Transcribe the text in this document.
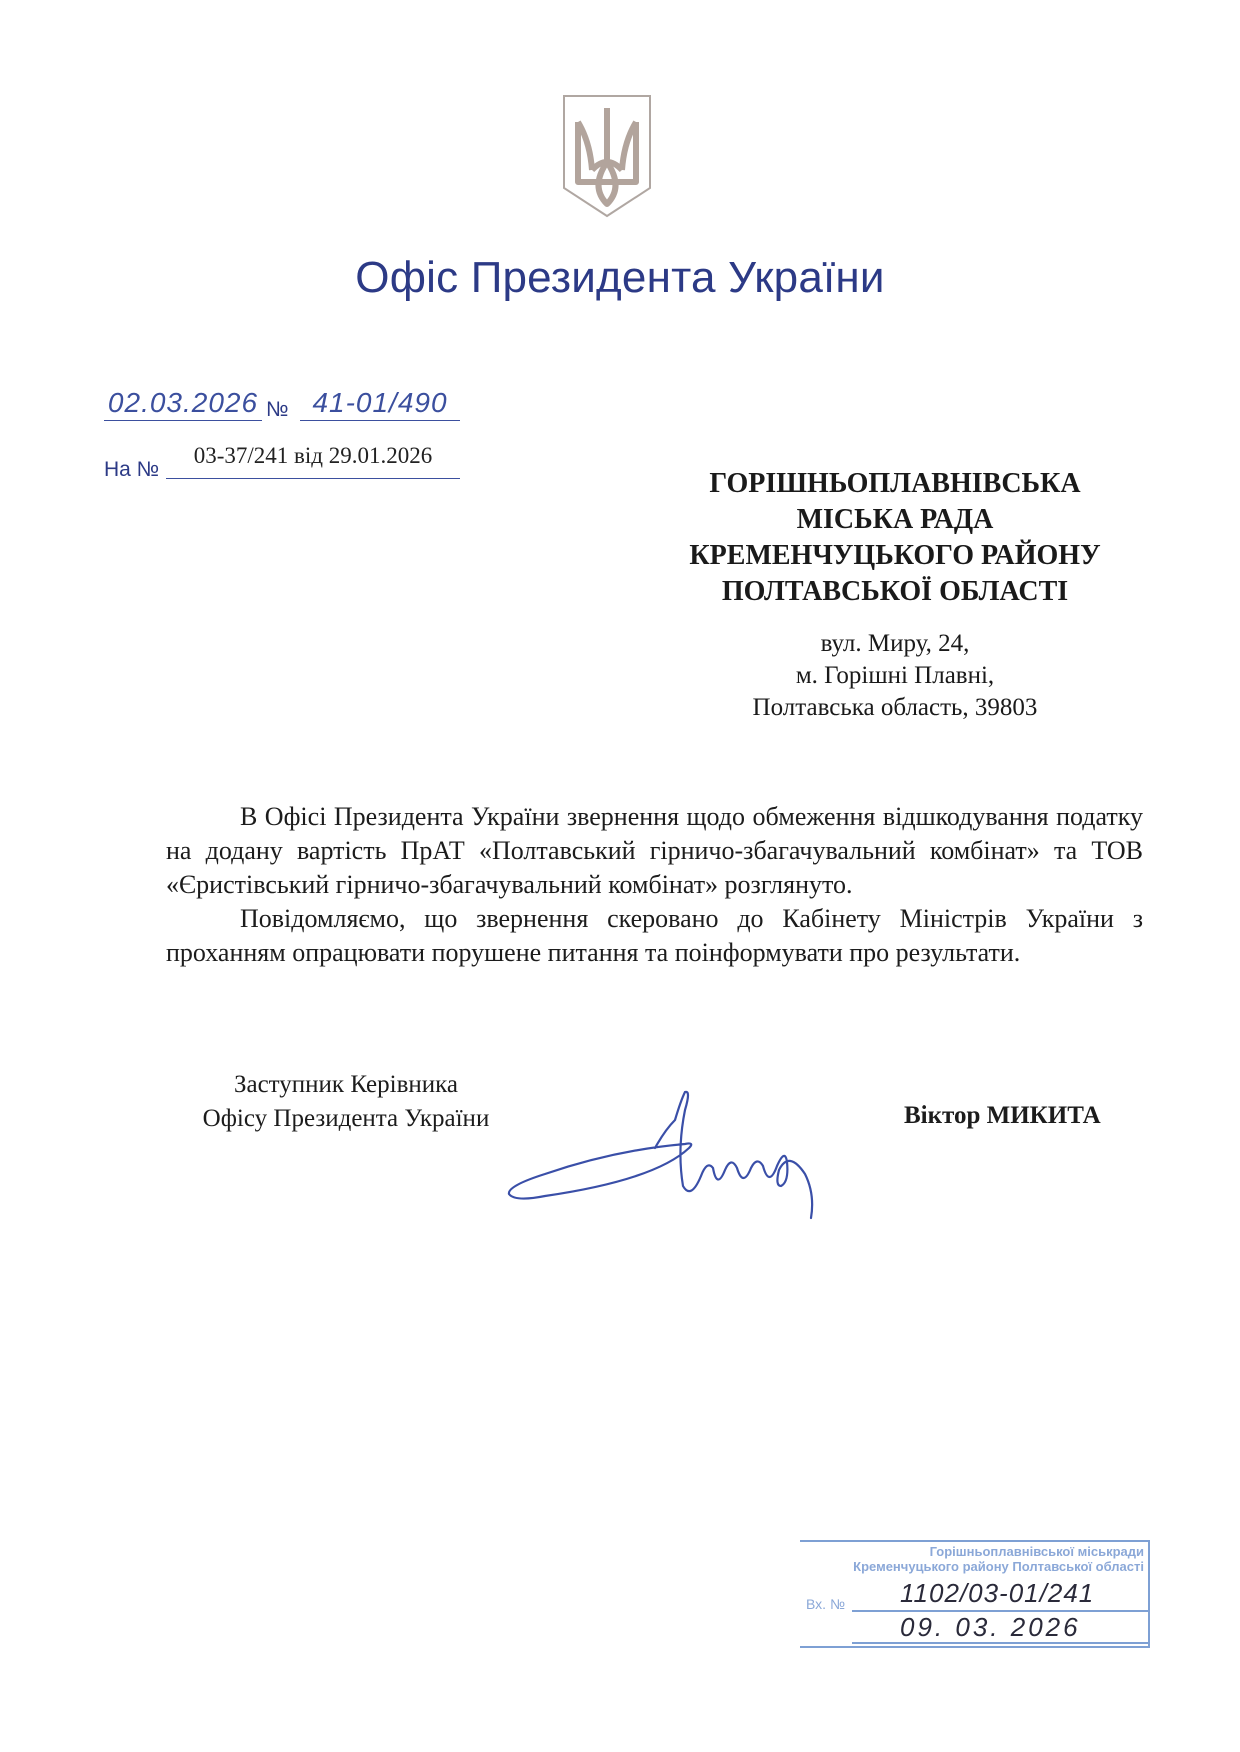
Офіс Президента України
02.03.2026 № 41-01/490
На №
03-37/241 від 29.01.2026
ГОРІШНЬОПЛАВНІВСЬКА
МІСЬКА РАДА
КРЕМЕНЧУЦЬКОГО РАЙОНУ
ПОЛТАВСЬКОЇ ОБЛАСТІ
вул. Миру, 24,
м. Горішні Плавні,
Полтавська область, 39803

В Офісі Президента України звернення щодо обмеження відшкодування податку на додану вартість ПрАТ «Полтавський гірничо-збагачувальний комбінат» та ТОВ «Єристівський гірничо-збагачувальний комбінат» розглянуто.

Повідомляємо, що звернення скеровано до Кабінету Міністрів України з проханням опрацювати порушене питання та поінформувати про результати.

Заступник Керівника
Офісу Президента України	Віктор МИКИТА
Горішньоплавнівської міськради
Кременчуцького району Полтавської області
Вх. № 1102/03-01/241
09. 03. 2026
